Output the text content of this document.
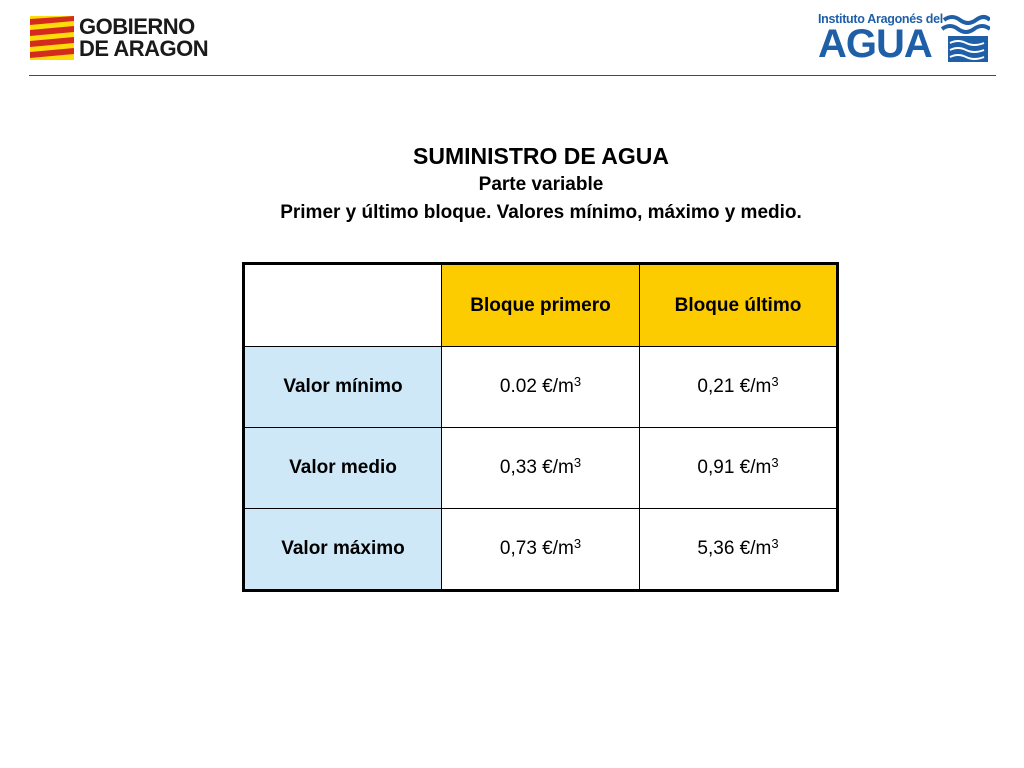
GOBIERNO
DE ARAGON
Instituto Aragonés del
AGUA
SUMINISTRO DE AGUA
Parte variable
Primer y último bloque. Valores mínimo, máximo y medio.
	Bloque primero	Bloque último
Valor mínimo	0.02 $€/m^3$	0,21 $€/m^3$
Valor medio	0,33 $€/m^3$	0,91 $€/m^3$
Valor máximo	0,73 $€/m^3$	5,36 $€/m^3$
